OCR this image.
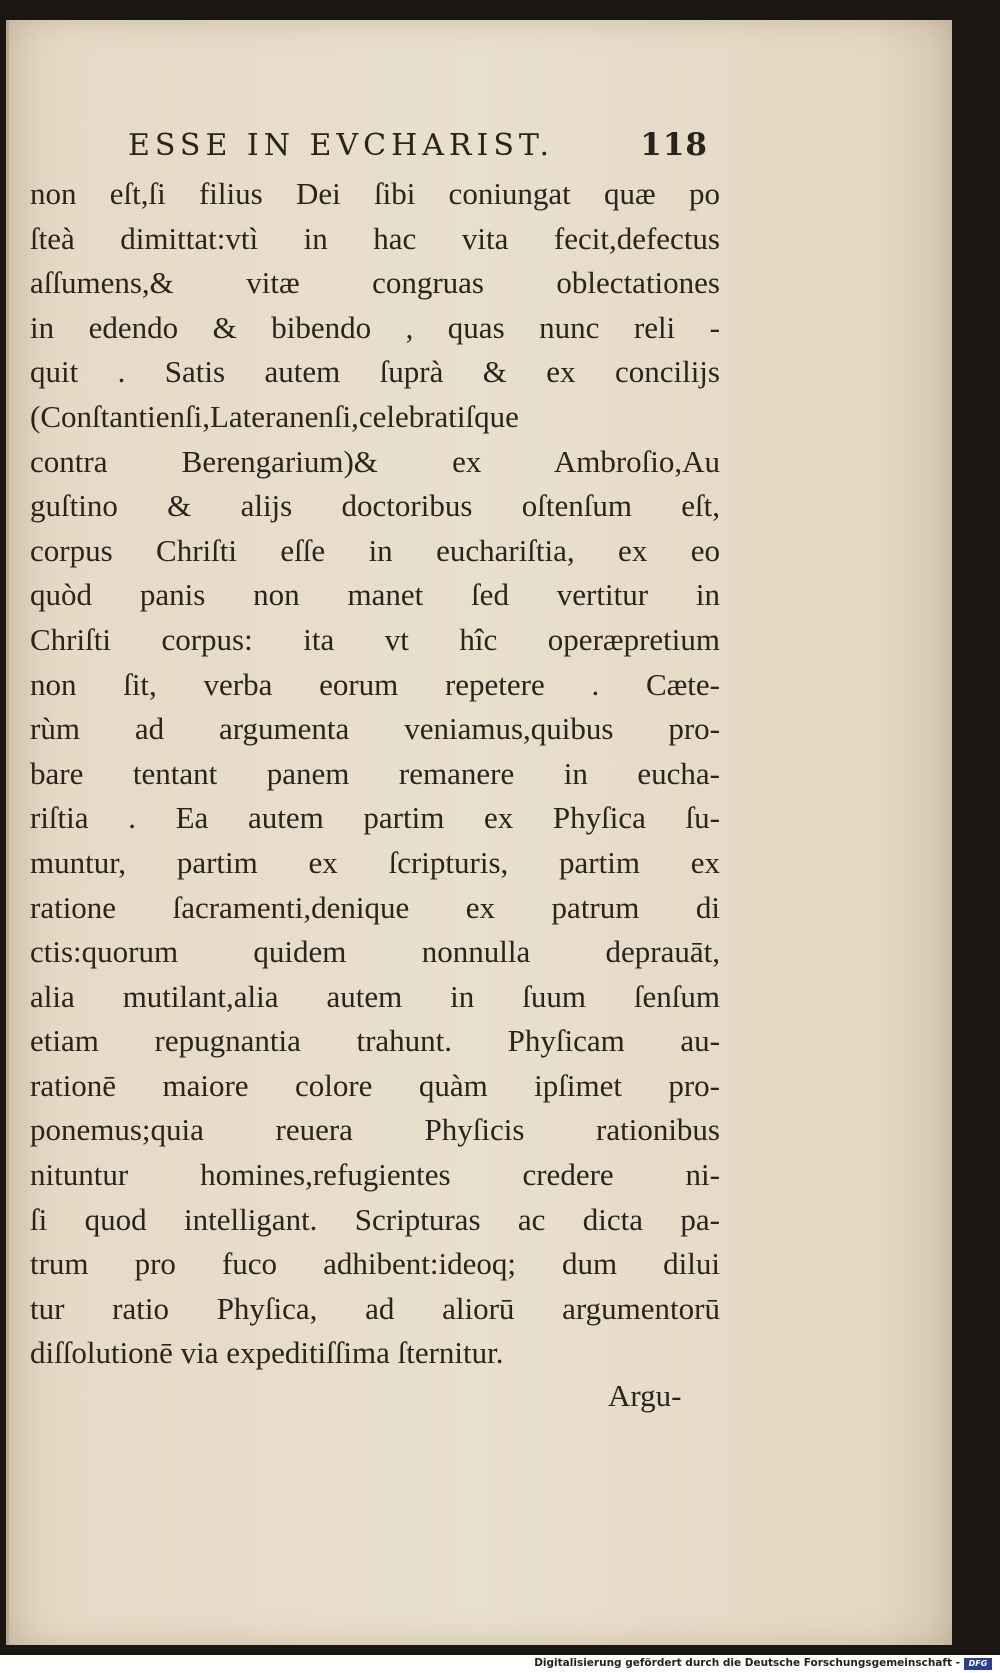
ESSE IN EVCHARIST.	118
non eſt,ſi filius Dei ſibi coniungat quæ po
ſteà dimittat:vtì in hac vita fecit,defectus
aſſumens,& vitæ congruas oblectationes
in edendo & bibendo , quas nunc reli -
quit . Satis autem ſuprà & ex concilijs
(Conſtantienſi,Lateranenſi,celebratiſque
contra Berengarium)& ex Ambroſio,Au
guſtino & alijs doctoribus oſtenſum eſt,
corpus Chriſti eſſe in euchariſtia, ex eo
quòd panis non manet ſed vertitur in
Chriſti corpus: ita vt hîc operæpretium
non ſit, verba eorum repetere . Cæte-
rùm ad argumenta veniamus,quibus pro-
bare tentant panem remanere in eucha-
riſtia . Ea autem partim ex Phyſica ſu-
muntur, partim ex ſcripturis, partim ex
ratione ſacramenti,denique ex patrum di
ctis:quorum quidem nonnulla deprauāt,
alia mutilant,alia autem in ſuum ſenſum
etiam repugnantia trahunt. Phyſicam au-
rationē maiore colore quàm ipſimet pro-
ponemus;quia reuera Phyſicis rationibus
nituntur homines,refugientes credere ni-
ſi quod intelligant. Scripturas ac dicta pa-
trum pro fuco adhibent:ideoq; dum dilui
tur ratio Phyſica, ad aliorū argumentorū
diſſolutionē via expeditiſſima ſternitur.
Argu-
Digitalisierung gefördert durch die Deutsche Forschungsgemeinschaft -	DFG
